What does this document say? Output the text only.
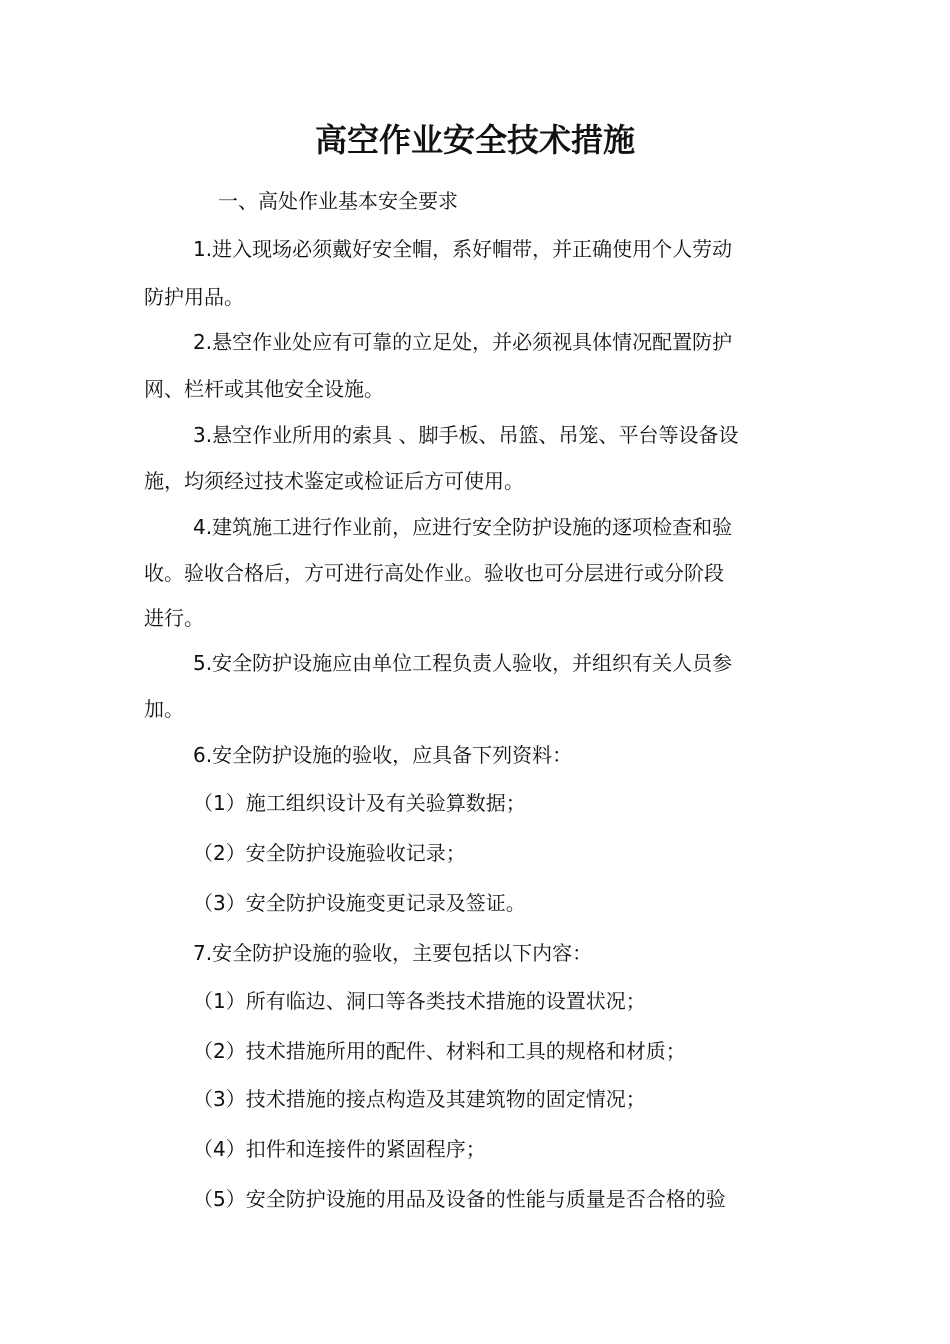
高空作业安全技术措施
一、高处作业基本安全要求
1.进入现场必须戴好安全帽，系好帽带，并正确使用个人劳动
防护用品。
2.悬空作业处应有可靠的立足处，并必须视具体情况配置防护
网、栏杆或其他安全设施。
3.悬空作业所用的索具 、脚手板、吊篮、吊笼、平台等设备设
施，均须经过技术鉴定或检证后方可使用。
4.建筑施工进行作业前，应进行安全防护设施的逐项检查和验
收。验收合格后，方可进行高处作业。验收也可分层进行或分阶段
进行。
5.安全防护设施应由单位工程负责人验收，并组织有关人员参
加。
6.安全防护设施的验收，应具备下列资料：
（1）施工组织设计及有关验算数据；
（2）安全防护设施验收记录；
（3）安全防护设施变更记录及签证。
7.安全防护设施的验收，主要包括以下内容：
（1）所有临边、洞口等各类技术措施的设置状况；
（2）技术措施所用的配件、材料和工具的规格和材质；
（3）技术措施的接点构造及其建筑物的固定情况；
（4）扣件和连接件的紧固程序；
（5）安全防护设施的用品及设备的性能与质量是否合格的验
